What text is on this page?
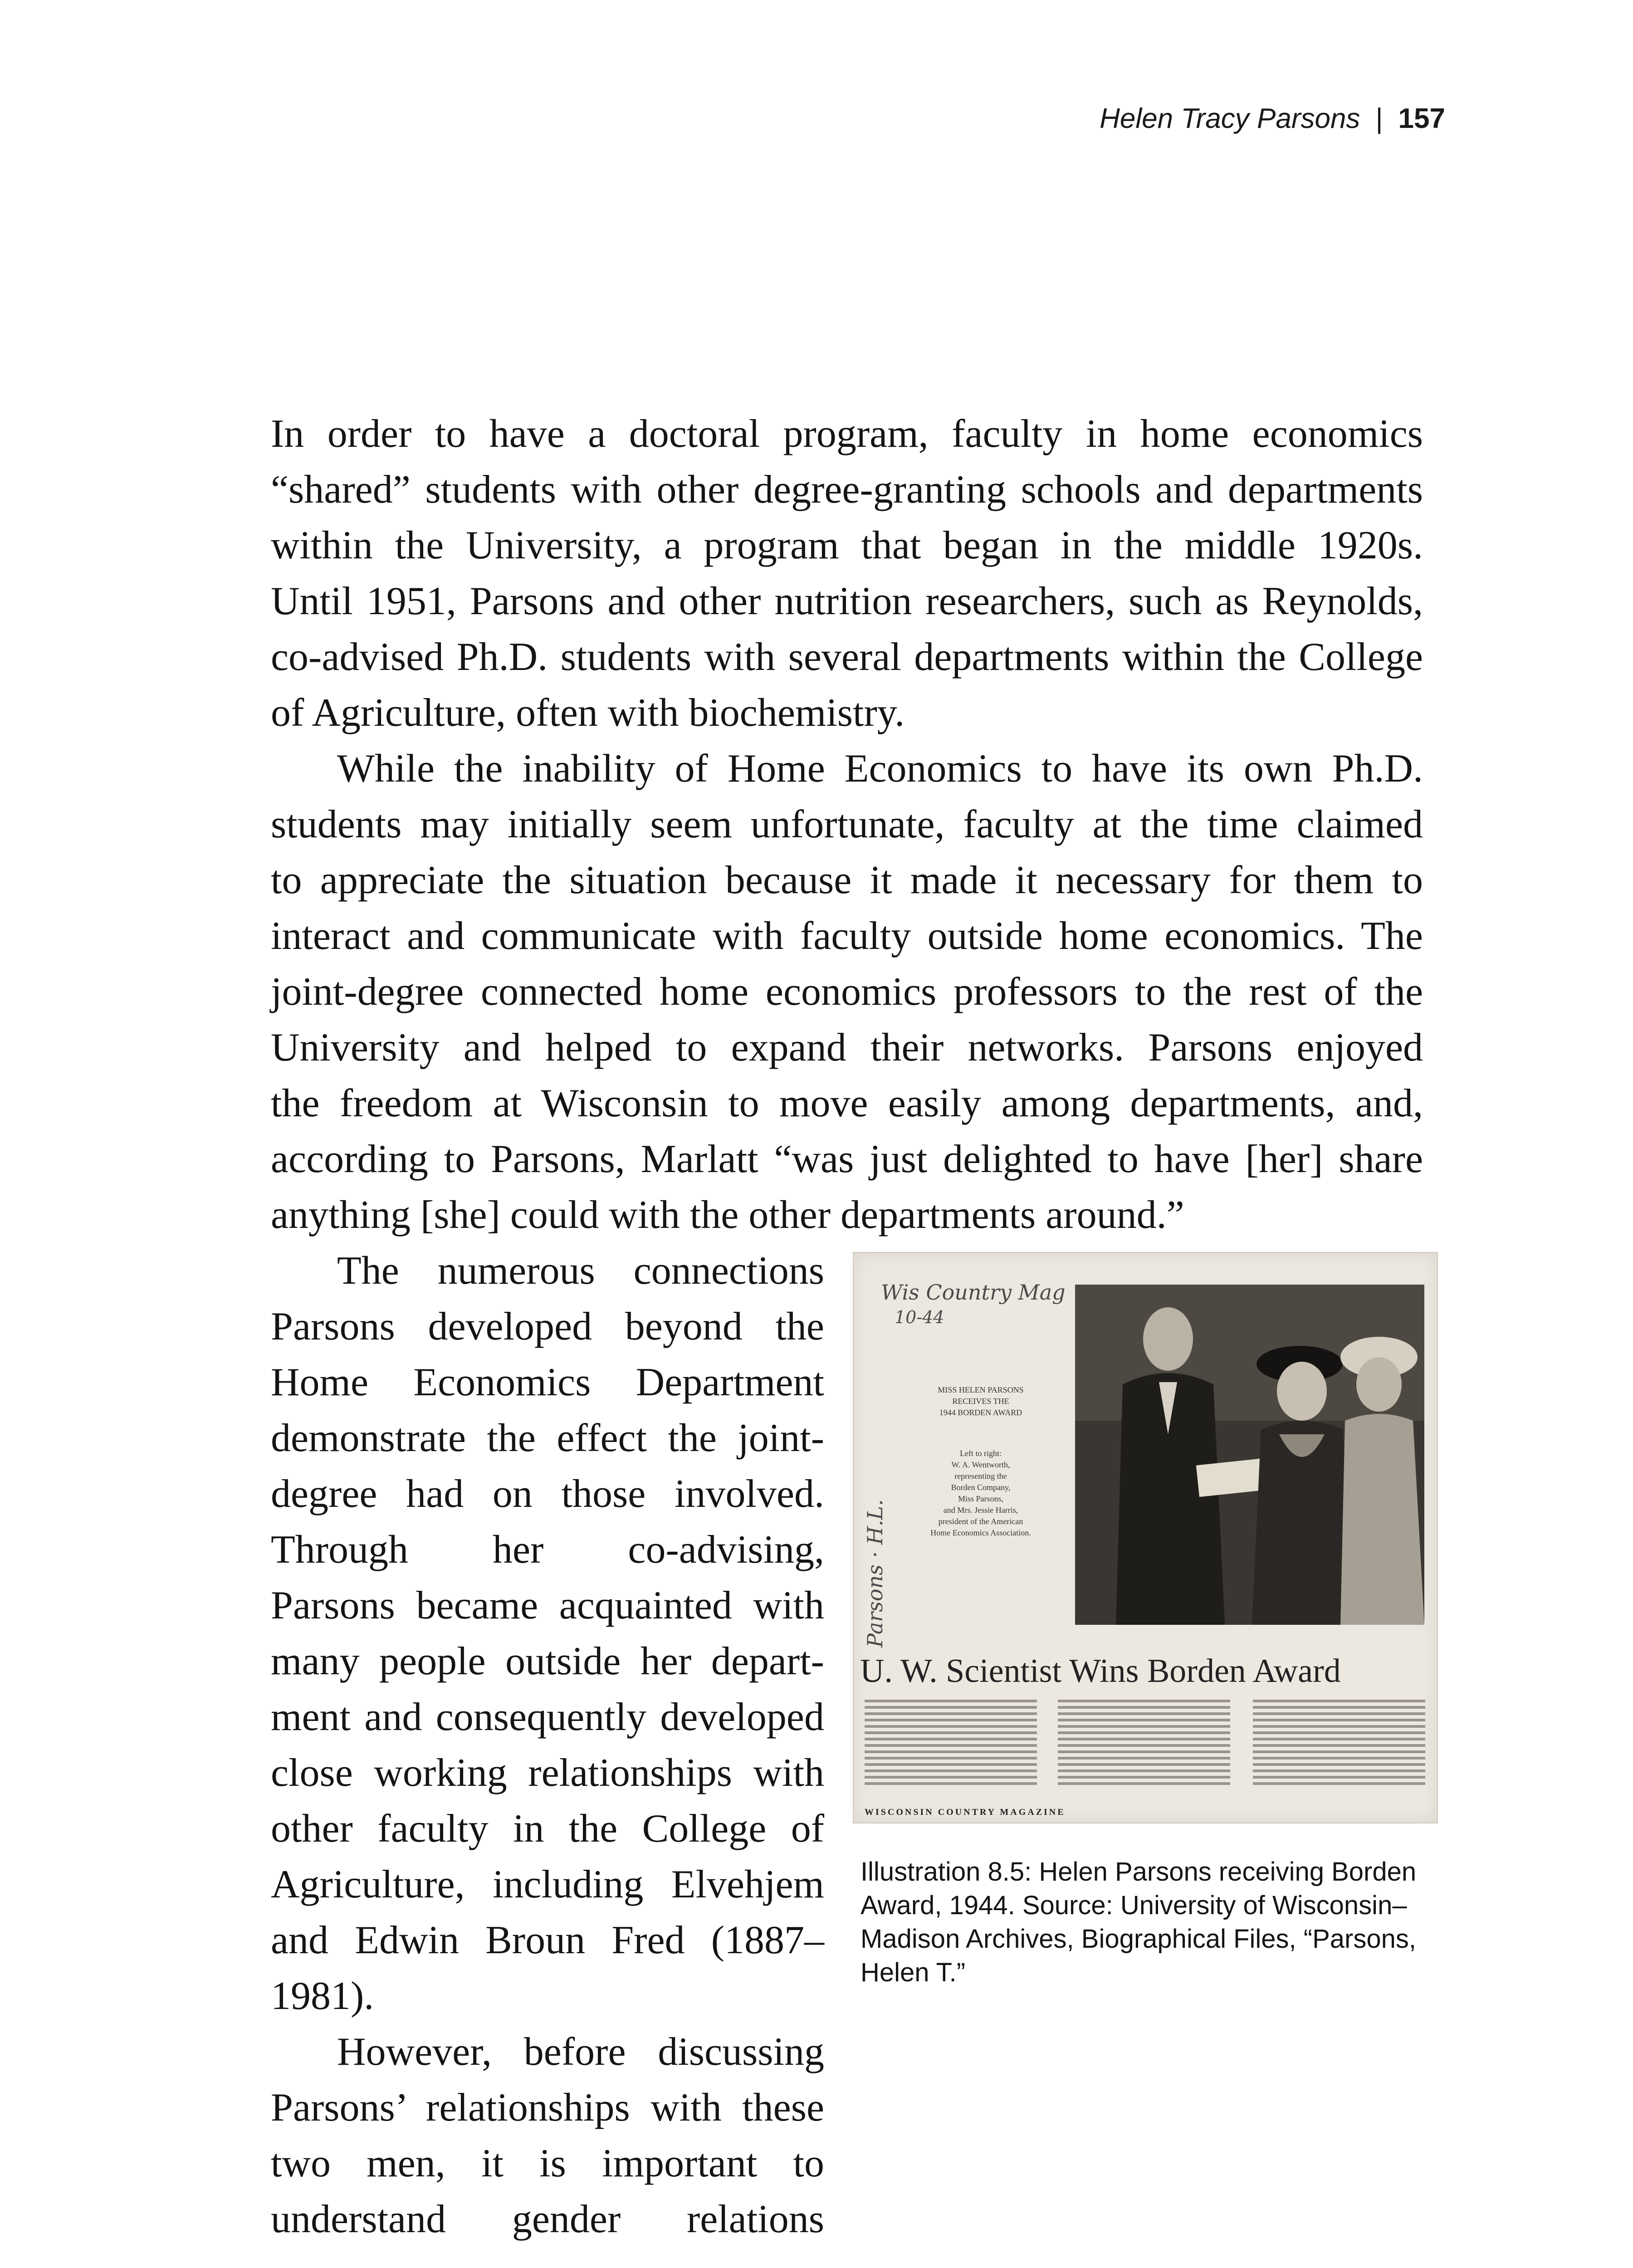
Helen Tracy Parsons | 157

In order to have a doctoral program, faculty in home economics
“shared” students with other degree-granting schools and departments
within the University, a program that began in the middle 1920s.
Until 1951, Parsons and other nutrition researchers, such as Reynolds,
co-advised Ph.D. students with several departments within the College
of Agriculture, often with biochemistry.

While the inability of Home Economics to have its own Ph.D.
students may initially seem unfortunate, faculty at the time claimed
to appreciate the situation because it made it necessary for them to
interact and communicate with faculty outside home economics. The
joint-degree connected home economics professors to the rest of the
University and helped to expand their networks. Parsons enjoyed
the freedom at Wisconsin to move easily among departments, and,
according to Parsons, Marlatt “was just delighted to have [her] share
anything [she] could with the other departments around.”

The numerous connections
Parsons developed beyond the
Home Economics Department
demonstrate the effect the joint-
degree had on those involved.
Through her co-advising,
Parsons became acquainted with
many people outside her depart-
ment and consequently developed
close working relationships with
other faculty in the College of
Agriculture, including Elvehjem
and Edwin Broun Fred (1887–
1981).

However, before discussing
Parsons’ relationships with these
two men, it is important to
understand gender relations

Wis Country Mag
10-44
Parsons · H.L.
MISS HELEN PARSONS
RECEIVES THE
1944 BORDEN AWARD
Left to right:
W. A. Wentworth,
representing the
Borden Company,
Miss Parsons,
and Mrs. Jessie Harris,
president of the American
Home Economics Association.
U. W. Scientist Wins Borden Award
WISCONSIN COUNTRY MAGAZINE

Illustration 8.5: Helen Parsons receiving Borden
Award, 1944. Source: University of Wisconsin–
Madison Archives, Biographical Files, “Parsons,
Helen T.”
